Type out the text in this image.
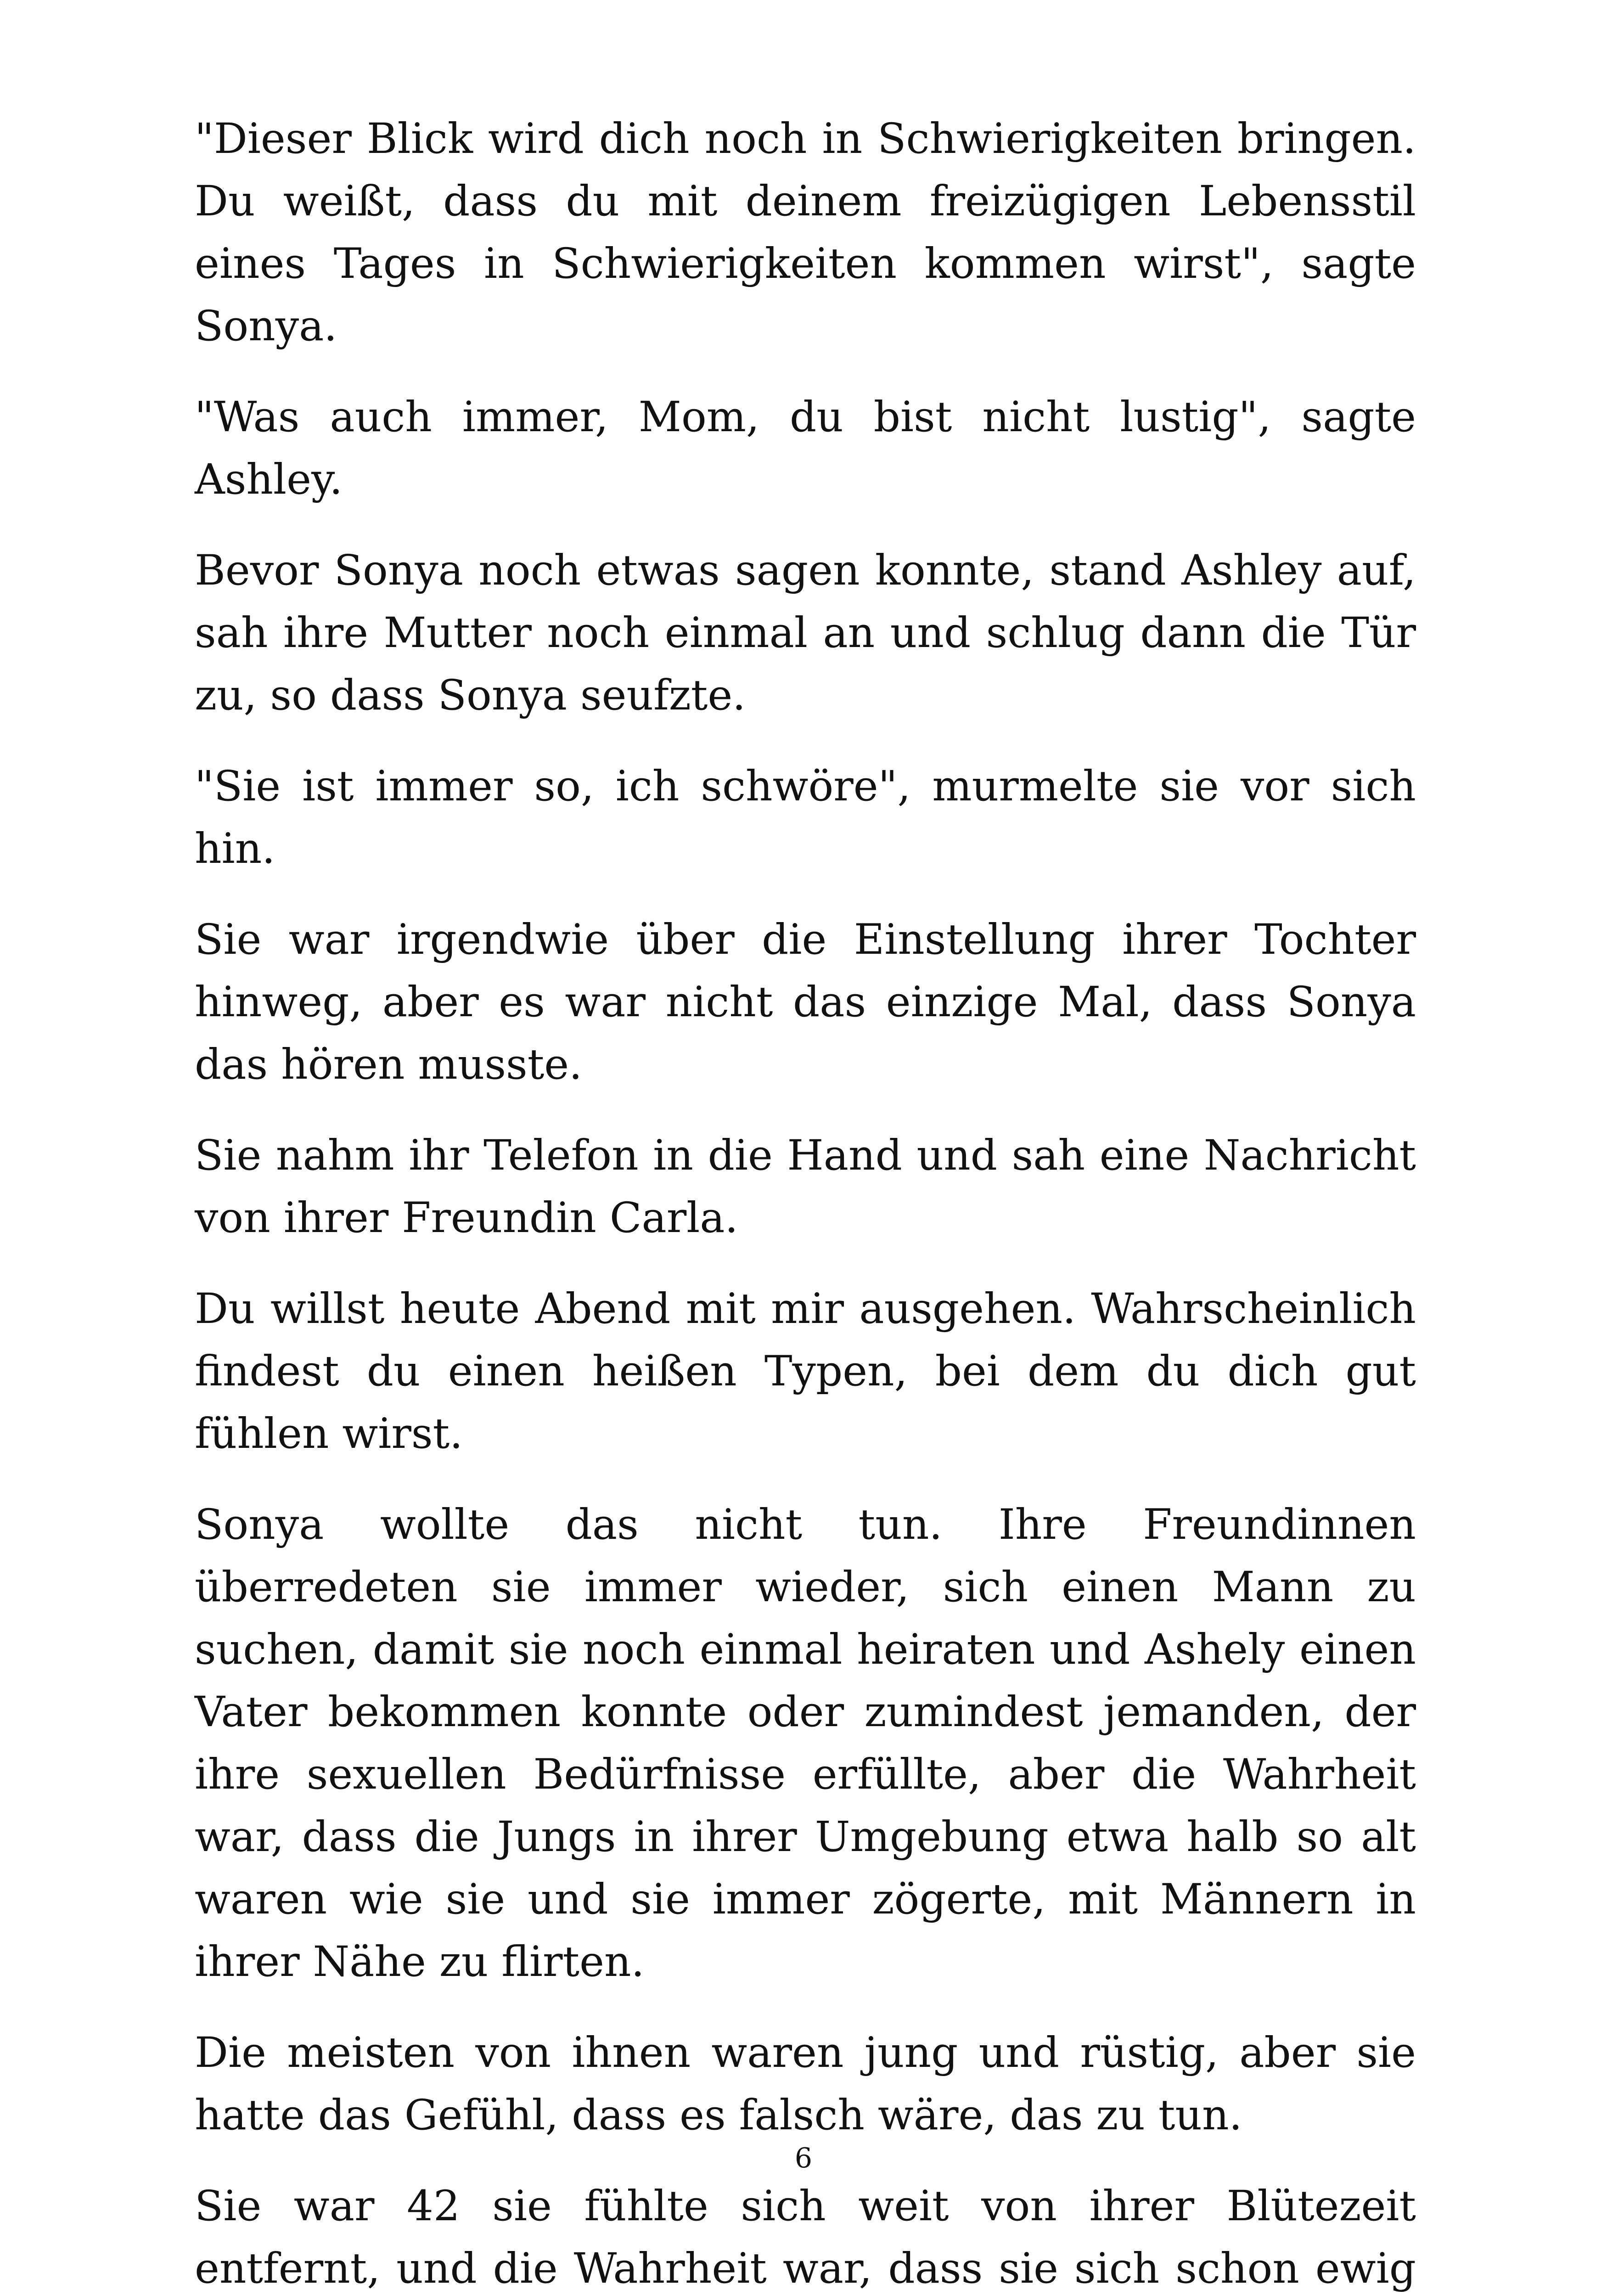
"Dieser Blick wird dich noch in Schwierigkeiten bringen. Du weißt, dass du mit deinem freizügigen Lebensstil eines Tages in Schwierigkeiten kommen wirst", sagte Sonya.

"Was auch immer, Mom, du bist nicht lustig", sagte Ashley.

Bevor Sonya noch etwas sagen konnte, stand Ashley auf, sah ihre Mutter noch einmal an und schlug dann die Tür zu, so dass Sonya seufzte.

"Sie ist immer so, ich schwöre", murmelte sie vor sich hin.

Sie war irgendwie über die Einstellung ihrer Tochter hinweg, aber es war nicht das einzige Mal, dass Sonya das hören musste.

Sie nahm ihr Telefon in die Hand und sah eine Nachricht von ihrer Freundin Carla.

Du willst heute Abend mit mir ausgehen. Wahrscheinlich findest du einen heißen Typen, bei dem du dich gut fühlen wirst.

Sonya wollte das nicht tun. Ihre Freundinnen überredeten sie immer wieder, sich einen Mann zu suchen, damit sie noch einmal heiraten und Ashely einen Vater bekommen konnte oder zumindest jemanden, der ihre sexuellen Bedürfnisse erfüllte, aber die Wahrheit war, dass die Jungs in ihrer Umgebung etwa halb so alt waren wie sie und sie immer zögerte, mit Männern in ihrer Nähe zu flirten.

Die meisten von ihnen waren jung und rüstig, aber sie hatte das Gefühl, dass es falsch wäre, das zu tun.

Sie war 42 sie fühlte sich weit von ihrer Blütezeit entfernt, und die Wahrheit war, dass sie sich schon ewig

6
